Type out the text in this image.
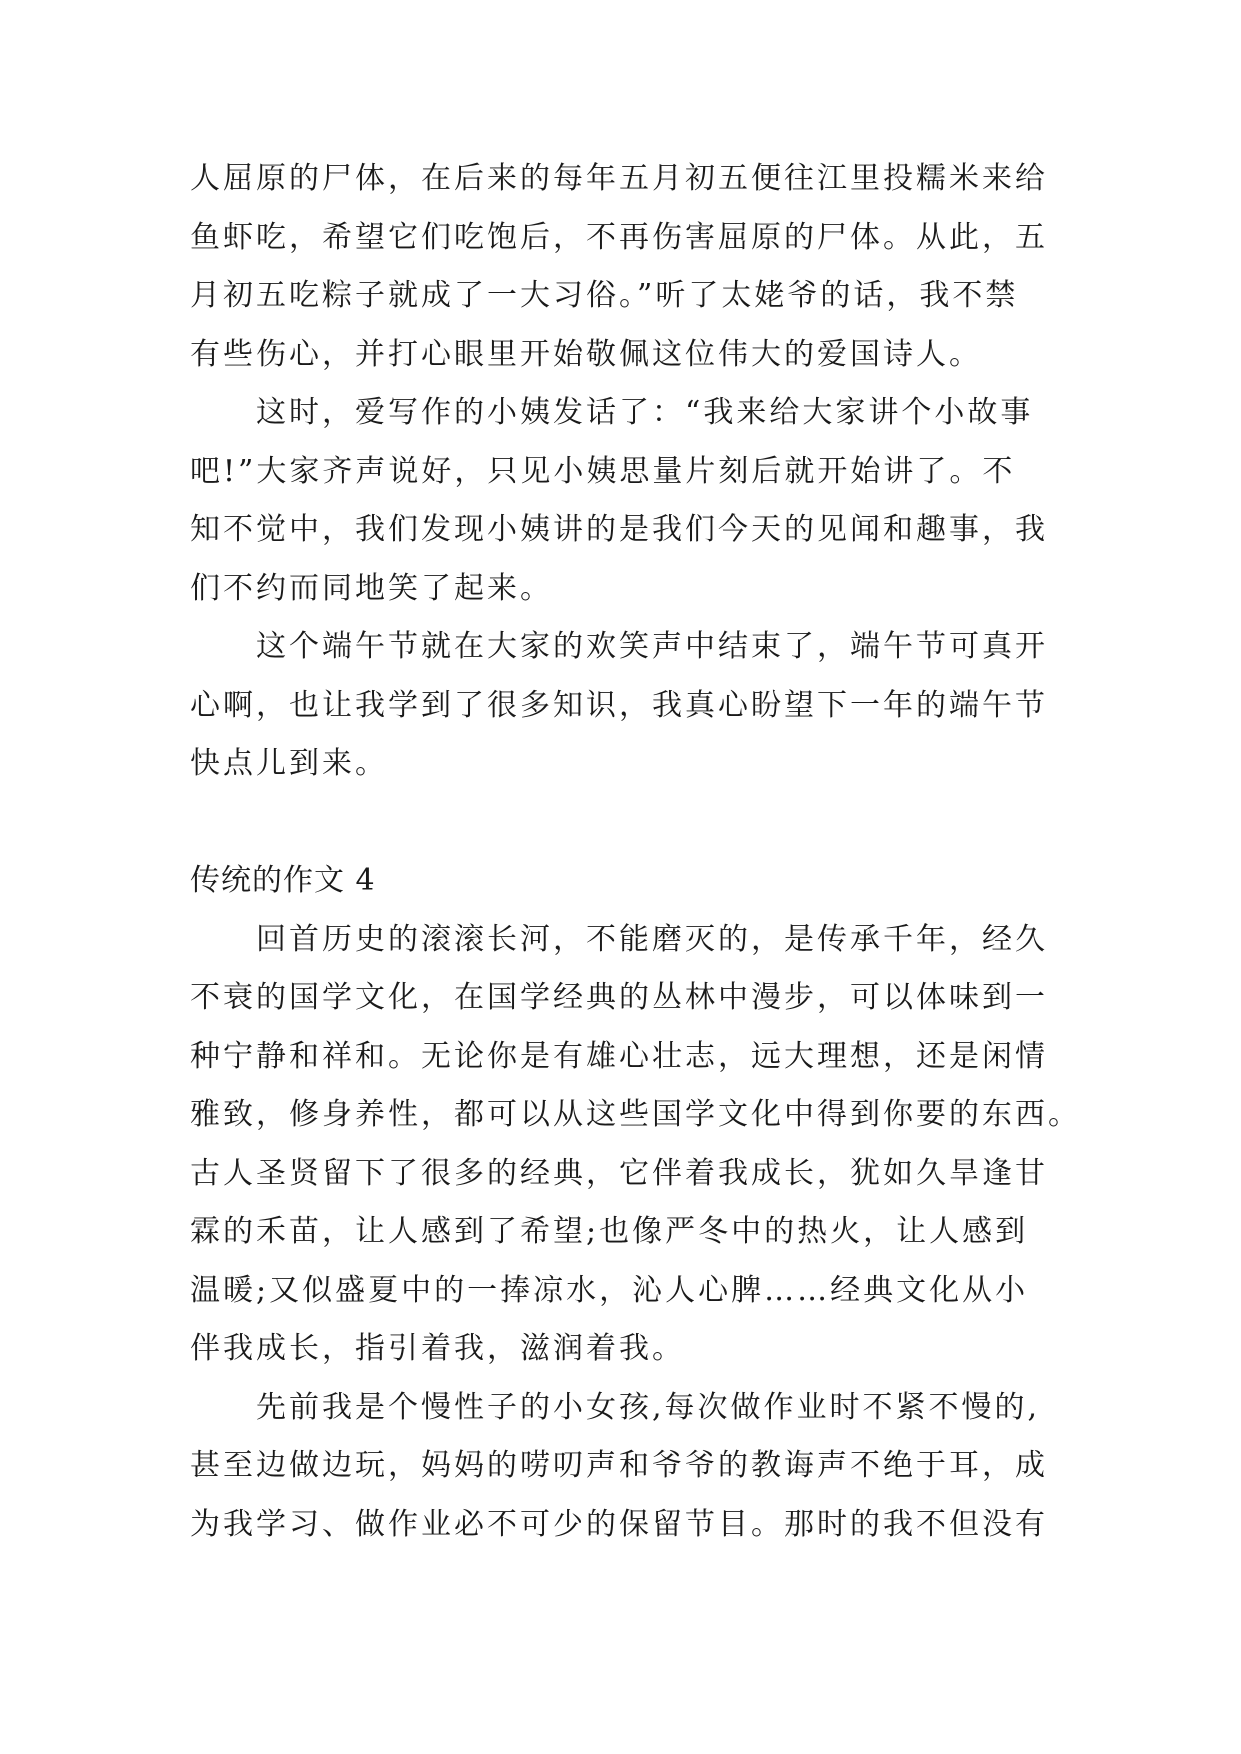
人屈原的尸体，在后来的每年五月初五便往江里投糯米来给
鱼虾吃，希望它们吃饱后，不再伤害屈原的尸体。从此，五
月初五吃粽子就成了一大习俗。”听了太姥爷的话，我不禁
有些伤心，并打心眼里开始敬佩这位伟大的爱国诗人。
这时，爱写作的小姨发话了：“我来给大家讲个小故事
吧!”大家齐声说好，只见小姨思量片刻后就开始讲了。不
知不觉中，我们发现小姨讲的是我们今天的见闻和趣事，我
们不约而同地笑了起来。
这个端午节就在大家的欢笑声中结束了，端午节可真开
心啊，也让我学到了很多知识，我真心盼望下一年的端午节
快点儿到来。
传统的作文 4
回首历史的滚滚长河，不能磨灭的，是传承千年，经久
不衰的国学文化，在国学经典的丛林中漫步，可以体味到一
种宁静和祥和。无论你是有雄心壮志，远大理想，还是闲情
雅致，修身养性，都可以从这些国学文化中得到你要的东西。
古人圣贤留下了很多的经典，它伴着我成长，犹如久旱逢甘
霖的禾苗，让人感到了希望;也像严冬中的热火，让人感到
温暖;又似盛夏中的一捧凉水，沁人心脾……经典文化从小
伴我成长，指引着我，滋润着我。
先前我是个慢性子的小女孩,每次做作业时不紧不慢的,
甚至边做边玩，妈妈的唠叨声和爷爷的教诲声不绝于耳，成
为我学习、做作业必不可少的保留节目。那时的我不但没有
